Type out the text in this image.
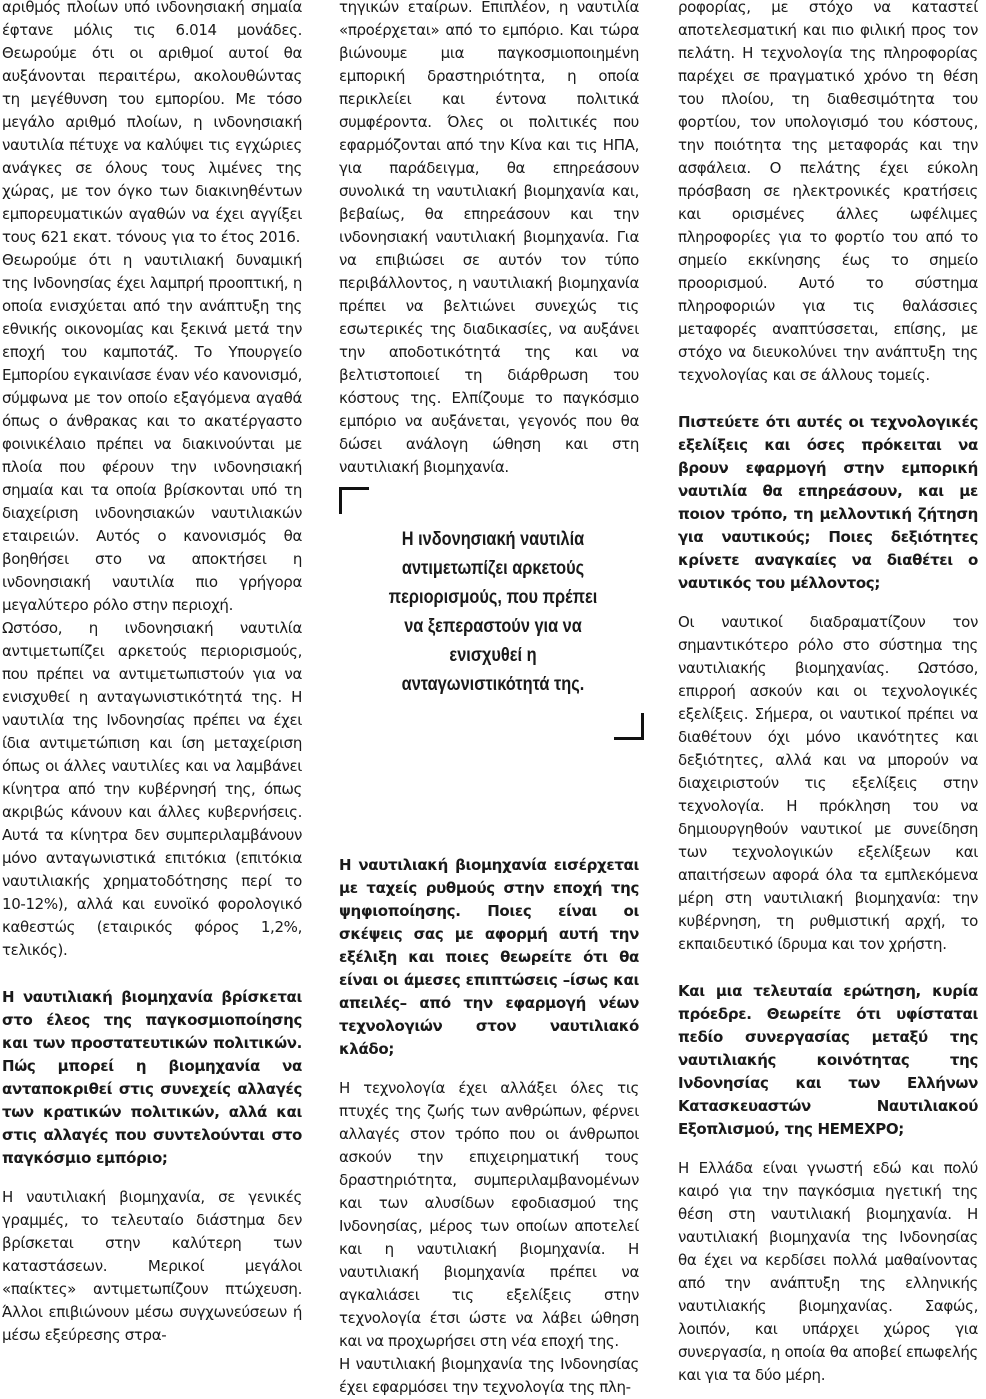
αριθμός πλοίων υπό ινδονησιακή σημαία έφτανε μόλις τις 6.014 μονάδες. Θεωρούμε ότι οι αριθμοί αυτοί θα αυξάνονται περαιτέρω, ακολουθώντας τη μεγέθυνση του εμπορίου. Με τόσο μεγάλο αριθμό πλοίων, η ινδονησιακή ναυτιλία πέτυχε να καλύψει τις εγχώριες ανάγκες σε όλους τους λιμένες της χώρας, με τον όγκο των διακινηθέντων εμπορευματικών αγαθών να έχει αγγίξει τους 621 εκατ. τόνους για το έτος 2016.

Θεωρούμε ότι η ναυτιλιακή δυναμική της Ινδονησίας έχει λαμπρή προοπτική, η οποία ενισχύεται από την ανάπτυξη της εθνικής οικονομίας και ξεκινά μετά την εποχή του καμποτάζ. Το Υπουργείο Εμπορίου εγκαινίασε έναν νέο κανονισμό, σύμφωνα με τον οποίο εξαγόμενα αγαθά όπως ο άνθρακας και το ακατέργαστο φοινικέλαιο πρέπει να διακινούνται με πλοία που φέρουν την ινδονησιακή σημαία και τα οποία βρίσκονται υπό τη διαχείριση ινδονησιακών ναυτιλιακών εταιρειών. Αυτός ο κανονισμός θα βοηθήσει στο να αποκτήσει η ινδονησιακή ναυτιλία πιο γρήγορα μεγαλύτερο ρόλο στην περιοχή.

Ωστόσο, η ινδονησιακή ναυτιλία αντιμετωπίζει αρκετούς περιορισμούς, που πρέπει να αντιμετωπιστούν για να ενισχυθεί η ανταγωνιστικότητά της. Η ναυτιλία της Ινδονησίας πρέπει να έχει ίδια αντιμετώπιση και ίση μεταχείριση όπως οι άλλες ναυτιλίες και να λαμβάνει κίνητρα από την κυβέρνησή της, όπως ακριβώς κάνουν και άλλες κυβερνήσεις. Αυτά τα κίνητρα δεν συμπεριλαμβάνουν μόνο ανταγωνιστικά επιτόκια (επιτόκια ναυτιλιακής χρηματοδότησης περί το 10-12%), αλλά και ευνοϊκό φορολογικό καθεστώς (εταιρικός φόρος 1,2%, τελικός).

Η ναυτιλιακή βιομηχανία βρίσκεται στο έλεος της παγκοσμιοποίησης και των προστατευτικών πολιτικών. Πώς μπορεί η βιομηχανία να ανταποκριθεί στις συνεχείς αλλαγές των κρατικών πολιτικών, αλλά και στις αλλαγές που συντελούνται στο παγκόσμιο εμπόριο;

Η ναυτιλιακή βιομηχανία, σε γενικές γραμμές, το τελευταίο διάστημα δεν βρίσκεται στην καλύτερη των καταστάσεων. Μερικοί μεγάλοι «παίκτες» αντιμετωπίζουν πτώχευση. Άλλοι επιβιώνουν μέσω συγχωνεύσεων ή μέσω εξεύρεσης στρα-

τηγικών εταίρων. Επιπλέον, η ναυτιλία «προέρχεται» από το εμπόριο. Και τώρα βιώνουμε μια παγκοσμιοποιημένη εμπορική δραστηριότητα, η οποία περικλείει και έντονα πολιτικά συμφέροντα. Όλες οι πολιτικές που εφαρμόζονται από την Κίνα και τις ΗΠΑ, για παράδειγμα, θα επηρεάσουν συνολικά τη ναυτιλιακή βιομηχανία και, βεβαίως, θα επηρεάσουν και την ινδονησιακή ναυτιλιακή βιομηχανία. Για να επιβιώσει σε αυτόν τον τύπο περιβάλλοντος, η ναυτιλιακή βιομηχανία πρέπει να βελτιώνει συνεχώς τις εσωτερικές της διαδικασίες, να αυξάνει την αποδοτικότητά της και να βελτιστοποιεί τη διάρθρωση του κόστους της. Ελπίζουμε το παγκόσμιο εμπόριο να αυξάνεται, γεγονός που θα δώσει ανάλογη ώθηση και στη ναυτιλιακή βιομηχανία.

Η ναυτιλιακή βιομηχανία εισέρχεται με ταχείς ρυθμούς στην εποχή της ψηφιοποίησης. Ποιες είναι οι σκέψεις σας με αφορμή αυτή την εξέλιξη και ποιες θεωρείτε ότι θα είναι οι άμεσες επιπτώσεις –ίσως και απειλές– από την εφαρμογή νέων τεχνολογιών στον ναυτιλιακό κλάδο;

Η τεχνολογία έχει αλλάξει όλες τις πτυχές της ζωής των ανθρώπων, φέρνει αλλαγές στον τρόπο που οι άνθρωποι ασκούν την επιχειρηματική τους δραστηριότητα, συμπεριλαμβανομένων και των αλυσίδων εφοδιασμού της Ινδονησίας, μέρος των οποίων αποτελεί και η ναυτιλιακή βιομηχανία. Η ναυτιλιακή βιομηχανία πρέπει να αγκαλιάσει τις εξελίξεις στην τεχνολογία έτσι ώστε να λάβει ώθηση και να προχωρήσει στη νέα εποχή της.

Η ναυτιλιακή βιομηχανία της Ινδονησίας έχει εφαρμόσει την τεχνολογία της πλη-

Η ινδονησιακή ναυτιλία αντιμετωπίζει αρκετούς περιορισμούς, που πρέπει να ξεπεραστούν για να ενισχυθεί η ανταγωνιστικότητά της.

ροφορίας, με στόχο να καταστεί αποτελεσματική και πιο φιλική προς τον πελάτη. Η τεχνολογία της πληροφορίας παρέχει σε πραγματικό χρόνο τη θέση του πλοίου, τη διαθεσιμότητα του φορτίου, τον υπολογισμό του κόστους, την ποιότητα της μεταφοράς και την ασφάλεια. Ο πελάτης έχει εύκολη πρόσβαση σε ηλεκτρονικές κρατήσεις και ορισμένες άλλες ωφέλιμες πληροφορίες για το φορτίο του από το σημείο εκκίνησης έως το σημείο προορισμού. Αυτό το σύστημα πληροφοριών για τις θαλάσσιες μεταφορές αναπτύσσεται, επίσης, με στόχο να διευκολύνει την ανάπτυξη της τεχνολογίας και σε άλλους τομείς.

Πιστεύετε ότι αυτές οι τεχνολογικές εξελίξεις και όσες πρόκειται να βρουν εφαρμογή στην εμπορική ναυτιλία θα επηρεάσουν, και με ποιον τρόπο, τη μελλοντική ζήτηση για ναυτικούς; Ποιες δεξιότητες κρίνετε αναγκαίες να διαθέτει ο ναυτικός του μέλλοντος;

Οι ναυτικοί διαδραματίζουν τον σημαντικότερο ρόλο στο σύστημα της ναυτιλιακής βιομηχανίας. Ωστόσο, επιρροή ασκούν και οι τεχνολογικές εξελίξεις. Σήμερα, οι ναυτικοί πρέπει να διαθέτουν όχι μόνο ικανότητες και δεξιότητες, αλλά και να μπορούν να διαχειριστούν τις εξελίξεις στην τεχνολογία. Η πρόκληση του να δημιουργηθούν ναυτικοί με συνείδηση των τεχνολογικών εξελίξεων και απαιτήσεων αφορά όλα τα εμπλεκόμενα μέρη στη ναυτιλιακή βιομηχανία: την κυβέρνηση, τη ρυθμιστική αρχή, το εκπαιδευτικό ίδρυμα και τον χρήστη.

Και μια τελευταία ερώτηση, κυρία πρόεδρε. Θεωρείτε ότι υφίσταται πεδίο συνεργασίας μεταξύ της ναυτιλιακής κοινότητας της Ινδονησίας και των Ελλήνων Κατασκευαστών Ναυτιλιακού Εξοπλισμού, της HEMEXPO;

Η Ελλάδα είναι γνωστή εδώ και πολύ καιρό για την παγκόσμια ηγετική της θέση στη ναυτιλιακή βιομηχανία. Η ναυτιλιακή βιομηχανία της Ινδονησίας θα έχει να κερδίσει πολλά μαθαίνοντας από την ανάπτυξη της ελληνικής ναυτιλιακής βιομηχανίας. Σαφώς, λοιπόν, και υπάρχει χώρος για συνεργασία, η οποία θα αποβεί επωφελής και για τα δύο μέρη.
